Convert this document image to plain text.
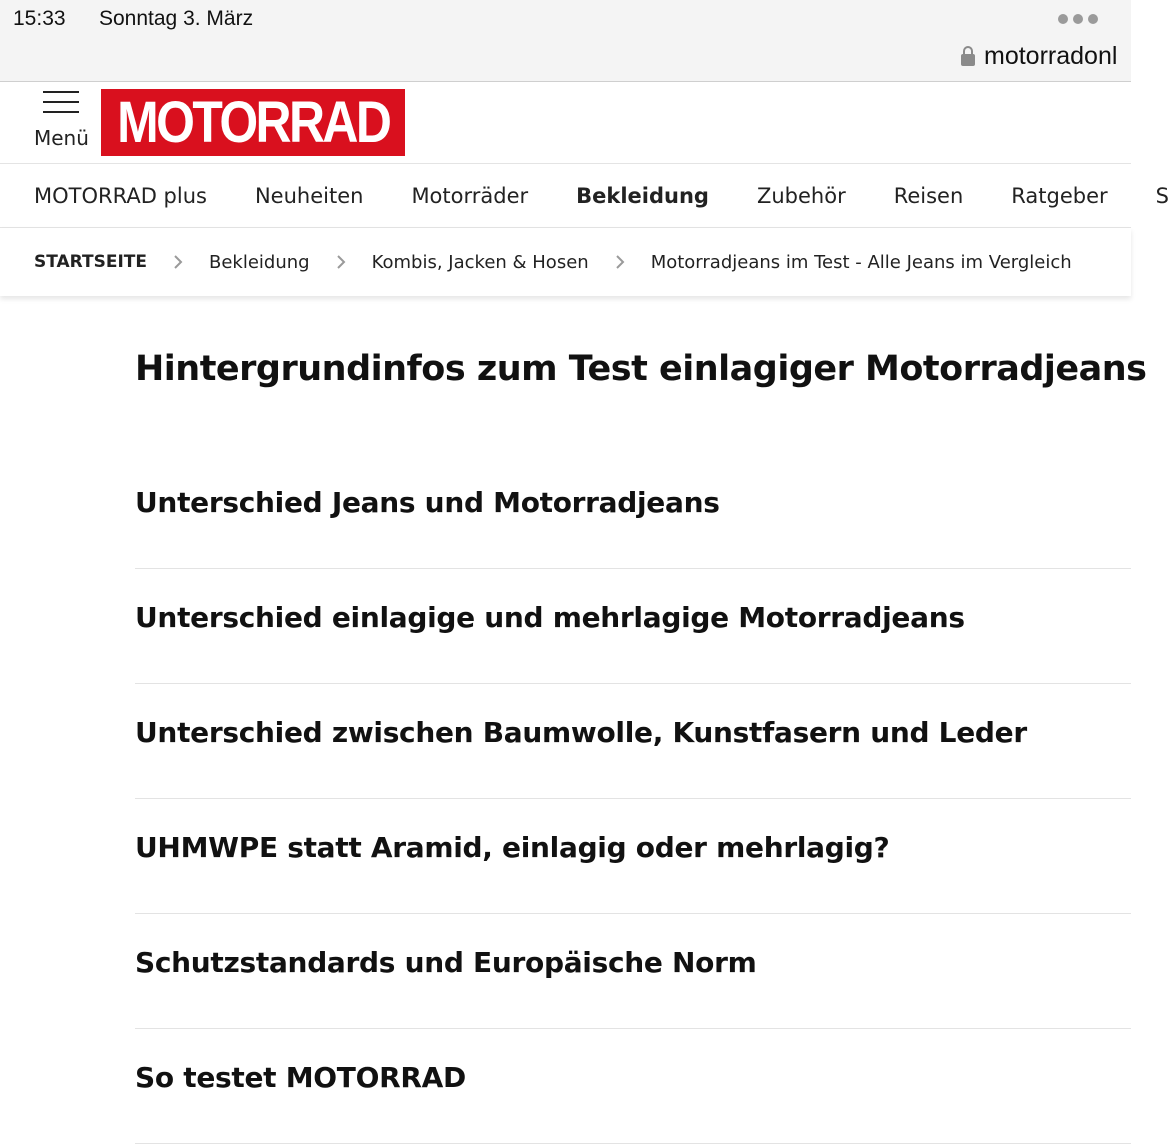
15:33 Sonntag 3. März
motorradonl
Menü MOTORRAD
MOTORRAD plus Neuheiten Motorräder Bekleidung Zubehör Reisen Ratgeber S
STARTSEITE	Bekleidung	Kombis, Jacken & Hosen	Motorradjeans im Test - Alle Jeans im Vergleich
Hintergrundinfos zum Test einlagiger Motorradjeans
Unterschied Jeans und Motorradjeans
Unterschied einlagige und mehrlagige Motorradjeans
Unterschied zwischen Baumwolle, Kunstfasern und Leder
UHMWPE statt Aramid, einlagig oder mehrlagig?
Schutzstandards und Europäische Norm
So testet MOTORRAD
